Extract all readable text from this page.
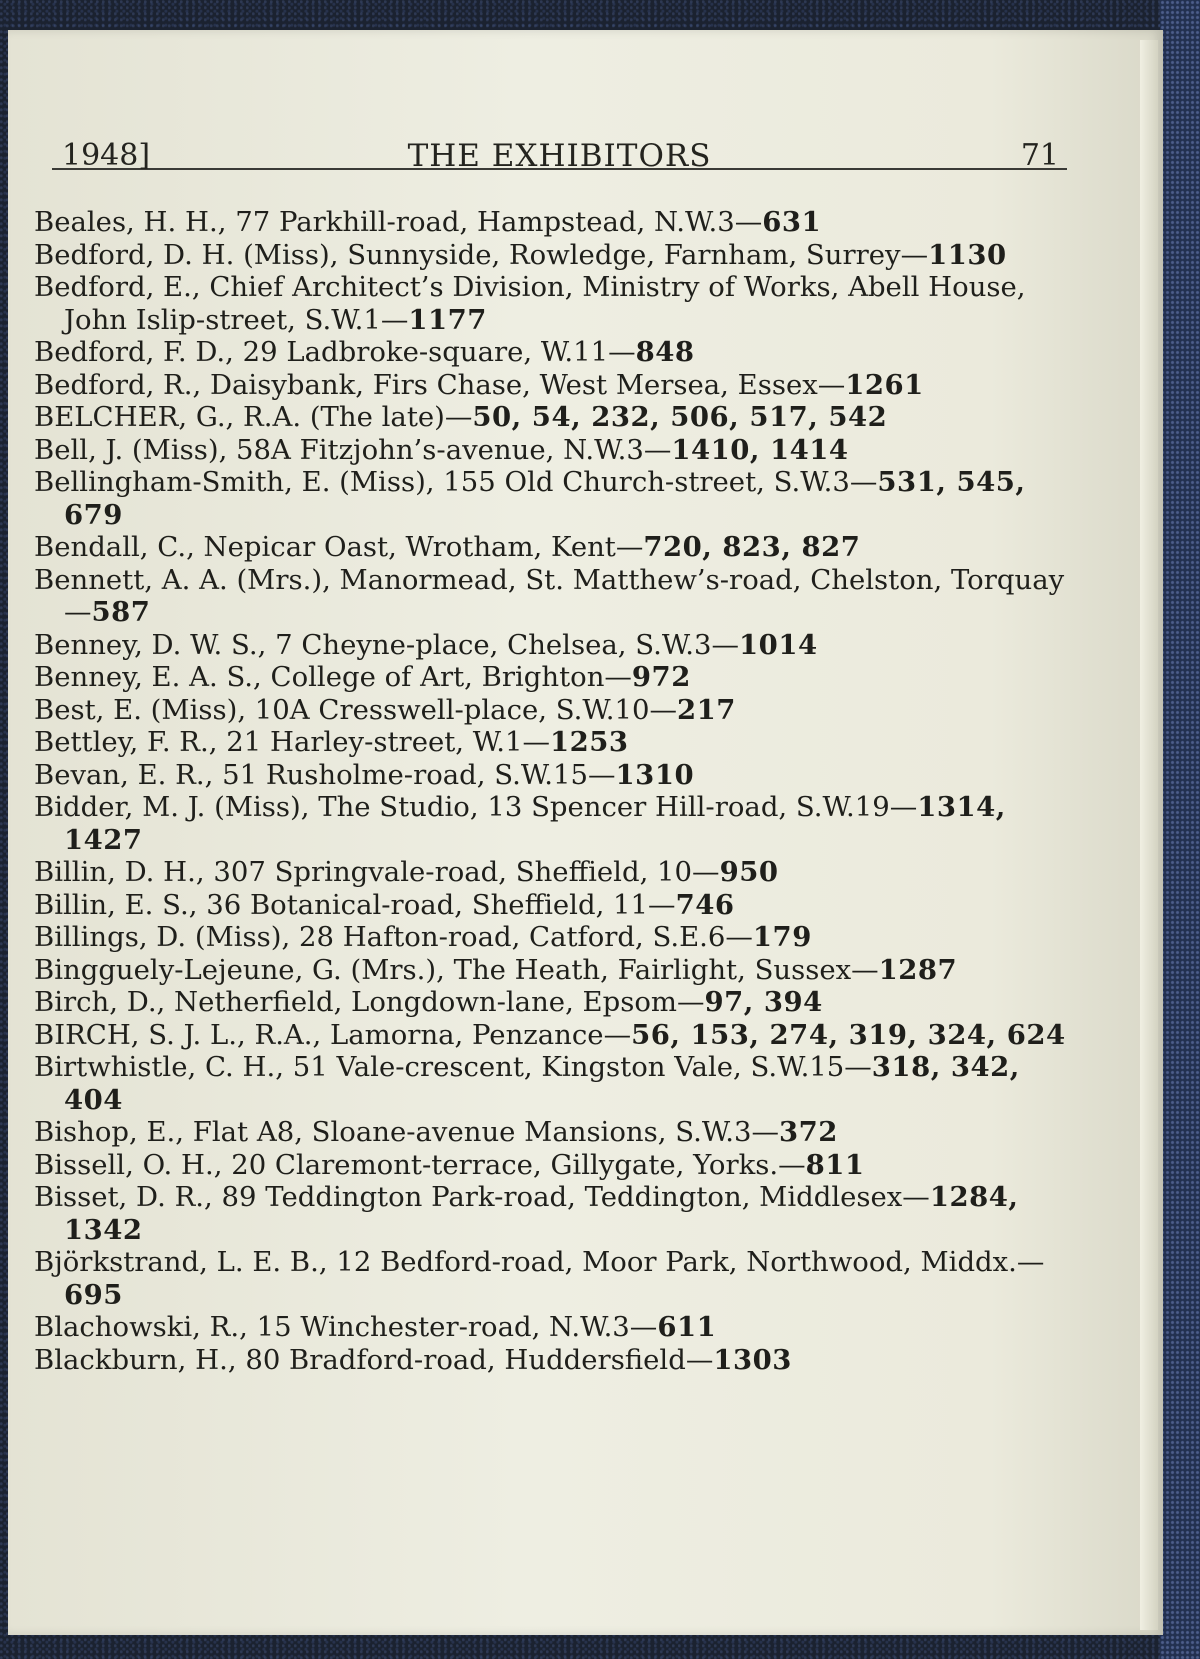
1948]	THE EXHIBITORS	71

Beales, H. H., 77 Parkhill-road, Hampstead, N.W.3—631

Bedford, D. H. (Miss), Sunnyside, Rowledge, Farnham, Surrey—1130

Bedford, E., Chief Architect’s Division, Ministry of Works, Abell House, John Islip-street, S.W.1—1177

Bedford, F. D., 29 Ladbroke-square, W.11—848

Bedford, R., Daisybank, Firs Chase, West Mersea, Essex—1261

BELCHER, G., R.A. (The late)—50, 54, 232, 506, 517, 542

Bell, J. (Miss), 58A Fitzjohn’s-avenue, N.W.3—1410, 1414

Bellingham-Smith, E. (Miss), 155 Old Church-street, S.W.3—531, 545, 679

Bendall, C., Nepicar Oast, Wrotham, Kent—720, 823, 827

Bennett, A. A. (Mrs.), Manormead, St. Matthew’s-road, Chelston, Torquay—587

Benney, D. W. S., 7 Cheyne-place, Chelsea, S.W.3—1014

Benney, E. A. S., College of Art, Brighton—972

Best, E. (Miss), 10A Cresswell-place, S.W.10—217

Bettley, F. R., 21 Harley-street, W.1—1253

Bevan, E. R., 51 Rusholme-road, S.W.15—1310

Bidder, M. J. (Miss), The Studio, 13 Spencer Hill-road, S.W.19—1314, 1427

Billin, D. H., 307 Springvale-road, Sheffield, 10—950

Billin, E. S., 36 Botanical-road, Sheffield, 11—746

Billings, D. (Miss), 28 Hafton-road, Catford, S.E.6—179

Bingguely-Lejeune, G. (Mrs.), The Heath, Fairlight, Sussex—1287

Birch, D., Netherfield, Longdown-lane, Epsom—97, 394

BIRCH, S. J. L., R.A., Lamorna, Penzance—56, 153, 274, 319, 324, 624

Birtwhistle, C. H., 51 Vale-crescent, Kingston Vale, S.W.15—318, 342, 404

Bishop, E., Flat A8, Sloane-avenue Mansions, S.W.3—372

Bissell, O. H., 20 Claremont-terrace, Gillygate, Yorks.—811

Bisset, D. R., 89 Teddington Park-road, Teddington, Middlesex—1284, 1342

Björkstrand, L. E. B., 12 Bedford-road, Moor Park, Northwood, Middx.—695

Blachowski, R., 15 Winchester-road, N.W.3—611

Blackburn, H., 80 Bradford-road, Huddersfield—1303
